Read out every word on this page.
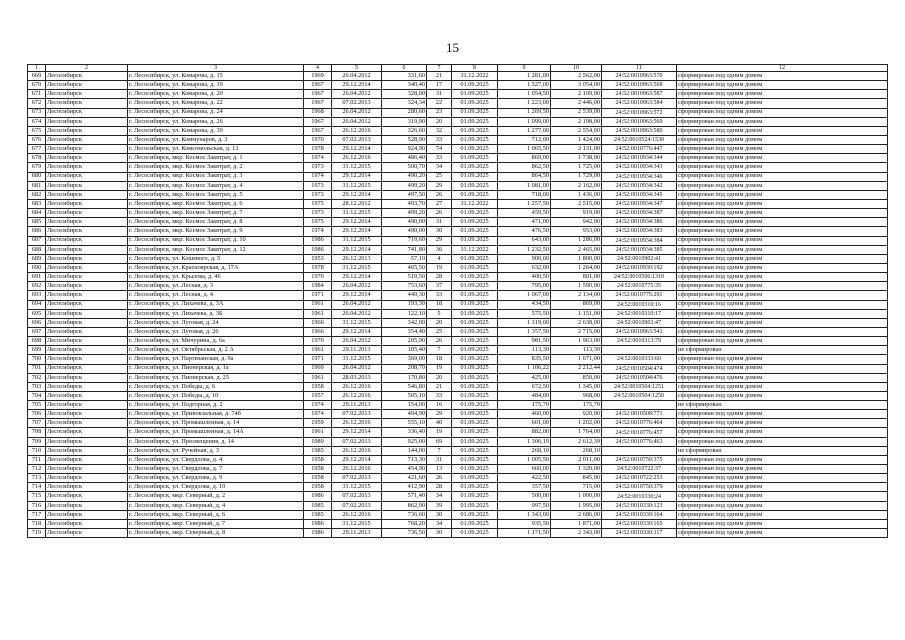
15
1	2	3	4	5	6	7	8	9	10	11	12
669	Лесосибирск	г. Лесосибирск, ул. Комарова, д. 15	1969	26.04.2012	331,60	21	31.12.2022	1 281,00	2 562,00	24:52:0010963:570	сформирован под одним домом
670	Лесосибирск	г. Лесосибирск, ул. Комарова, д. 19	1967	29.12.2014	340,40	17	01.09.2025	1 527,00	3 054,00	24:52:0010963:568	сформирован под одним домом
671	Лесосибирск	г. Лесосибирск, ул. Комарова, д. 20	1967	26.04.2012	328,00	31	01.09.2025	1 054,50	2 109,00	24:52:0010963:587	сформирован под одним домом
672	Лесосибирск	г. Лесосибирск, ул. Комарова, д. 22	1967	07.02.2013	324,34	22	01.09.2025	1 223,00	2 446,00	24:52:0010963:584	сформирован под одним домом
673	Лесосибирск	г. Лесосибирск, ул. Комарова, д. 24	1968	26.04.2012	280,60	23	01.09.2025	1 269,50	2 539,00	24:52:0010963:572	сформирован под одним домом
674	Лесосибирск	г. Лесосибирск, ул. Комарова, д. 26	1967	26.04.2012	319,90	20	01.09.2025	1 099,00	2 198,00	24:52:0010963:569	сформирован под одним домом
675	Лесосибирск	г. Лесосибирск, ул. Комарова, д. 30	1967	26.12.2016	326,60	32	01.09.2025	1 277,00	2 554,00	24:52:0010963:580	сформирован под одним домом
676	Лесосибирск	г. Лесосибирск, ул. Коммунаров, д. 3	1970	07.02.2013	528,90	33	01.09.2025	712,00	1 424,00	24:52:0010524:1530	сформирован под одним домом
677	Лесосибирск	г. Лесосибирск, ул. Комсомольская, д. 13	1978	29.12.2014	924,90	74	01.09.2025	1 065,50	2 131,00	24:52:0010776:447	сформирован под одним домом
678	Лесосибирск	г. Лесосибирск, мкр. Космос Заквтрат, д. 1	1974	26.12.2016	486,40	33	01.09.2025	869,00	1 738,00	24:52:0010934:344	сформирован под одним домом
679	Лесосибирск	г. Лесосибирск, мкр. Космос Заквтрат, д. 2	1973	31.12.2015	500,70	34	01.09.2025	862,50	1 725,00	24:52:0010934:343	сформирован под одним домом
680	Лесосибирск	г. Лесосибирск, мкр. Космос Заквтрат, д. 3	1974	29.12.2014	490,20	25	01.09.2025	864,50	1 729,00	24:52:0010934:346	сформирован под одним домом
681	Лесосибирск	г. Лесосибирск, мкр. Космос Заквтрат, д. 4	1973	31.12.2015	499,20	29	01.09.2025	1 081,00	2 162,00	24:52:0010934:342	сформирован под одним домом
682	Лесосибирск	г. Лесосибирск, мкр. Космос Заквтрат, д. 5	1973	29.12.2014	497,50	26	01.09.2025	718,00	1 436,00	24:52:0010934:345	сформирован под одним домом
683	Лесосибирск	г. Лесосибирск, мкр. Космос Заквтрат, д. 6	1975	28.12.2012	493,70	27	31.12.2022	1 257,50	2 515,00	24:52:0010934:347	сформирован под одним домом
684	Лесосибирск	г. Лесосибирск, мкр. Космос Заквтрат, д. 7	1973	31.12.2015	499,20	26	01.09.2025	459,50	919,00	24:52:0010934:387	сформирован под одним домом
685	Лесосибирск	г. Лесосибирск, мкр. Космос Заквтрат, д. 8	1975	29.12.2014	490,00	31	01.09.2025	471,00	942,00	24:52:0010934:386	сформирован под одним домом
686	Лесосибирск	г. Лесосибирск, мкр. Космос Заквтрат, д. 9	1974	29.12.2014	490,00	30	01.09.2025	476,50	953,00	24:52:0010934:383	сформирован под одним домом
687	Лесосибирск	г. Лесосибирск, мкр. Космос Заквтрат, д. 10	1986	31.12.2015	719,60	29	01.09.2025	643,00	1 286,00	24:52:0010934:384	сформирован под одним домом
688	Лесосибирск	г. Лесосибирск, мкр. Космос Заквтрат, д. 12	1986	29.12.2014	741,80	36	31.12.2022	1 232,50	2 465,00	24:52:0010934:385	сформирован под одним домом
689	Лесосибирск	г. Лесосибирск, ул. Кошевого, д. 5	1953	26.12.2013	57,10	4	01.09.2025	900,00	1 800,00	24:52:0010902:41	сформирован под одним домом
690	Лесосибирск	г. Лесосибирск, ул. Красноярская, д. 17А	1978	31.12.2015	465,50	19	01.09.2025	632,00	1 264,00	24:52:0010930:192	сформирован под одним домом
691	Лесосибирск	г. Лесосибирск, ул. Крылова, д. 46	1970	29.12.2014	519,50	28	01.09.2025	400,50	801,00	24:52:0010506:1310	сформирован под одним домом
692	Лесосибирск	г. Лесосибирск, ул. Лесная, д. 3	1984	26.04.2012	753,60	37	01.09.2025	795,00	1 590,00	24:52:0010775:35	сформирован под одним домом
693	Лесосибирск	г. Лесосибирск, ул. Лесная, д. 4	1971	29.12.2014	449,30	33	01.09.2025	1 067,00	2 134,00	24:52:0010775:291	сформирован под одним домом
694	Лесосибирск	г. Лесосибирск, ул. Лихачева, д. 3А	1961	26.04.2012	193,30	18	01.09.2025	434,50	869,00	24:52:0010310:16	сформирован под одним домом
695	Лесосибирск	г. Лесосибирск, ул. Лихачева, д. 3Б	1961	26.04.2012	122,10	5	01.09.2025	575,50	1 151,00	24:52:0010310:17	сформирован под одним домом
696	Лесосибирск	г. Лесосибирск, ул. Луговая, д. 24	1966	31.12.2015	342,00	20	01.09.2025	1 319,00	2 638,00	24:52:0010963:47	сформирован под одним домом
697	Лесосибирск	г. Лесосибирск, ул. Луговая, д. 26	1966	29.12.2014	354,40	25	01.09.2025	1 357,50	2 715,00	24:52:0010963:541	сформирован под одним домом
698	Лесосибирск	г. Лесосибирск, ул. Мичурина, д. 6а	1970	26.04.2012	205,90	26	01.09.2025	981,50	1 963,00	24:52:0010313:79	сформирован под одним домом
699	Лесосибирск	г. Лесосибирск, ул. Октябрьская, д. 2 А	1961	29.11.2013	105,40	7	01.09.2025	113,30	113,30		не сформирован
700	Лесосибирск	г. Лесосибирск, ул. Партизанская, д. 9а	1971	31.12.2015	369,00	18	01.09.2025	835,50	1 671,00	24:52:0010333:60	сформирован под одним домом
701	Лесосибирск	г. Лесосибирск, ул. Пионерская, д. 1а	1969	26.04.2012	208,70	19	01.09.2025	1 106,22	2 212,44	24:52:0010504:474	сформирован под одним домом
702	Лесосибирск	г. Лесосибирск, ул. Пионерская, д. 25	1961	28.03.2013	170,80	20	01.09.2025	425,00	850,00	24:52:0010504:476	сформирован под одним домом
703	Лесосибирск	г. Лесосибирск, ул. Победы, д. 6	1958	26.12.2016	546,80	21	01.09.2025	672,50	1 345,00	24:52:0010504:1251	сформирован под одним домом
704	Лесосибирск	г. Лесосибирск, ул. Победы, д. 10	1957	26.12.2016	505,10	33	01.09.2025	484,00	968,00	24:52:0010504:1250	сформирован под одним домом
705	Лесосибирск	г. Лесосибирск, ул. Подгорная, д. 2	1974	29.11.2013	154,00	16	01.09.2025	175,70	175,70		не сформирован
706	Лесосибирск	г. Лесосибирск, ул. Привокзальная, д. 74б	1974	07.02.2013	494,90	29	01.09.2025	460,00	920,00	24:52:0010508:771	сформирован под одним домом
707	Лесосибирск	г. Лесосибирск, ул. Промышленная, д. 14	1959	26.12.2016	555,10	40	01.09.2025	601,00	1 202,00	24:52:0010776:464	сформирован под одним домом
708	Лесосибирск	г. Лесосибирск, ул. Промышленная, д. 14А	1961	29.12.2014	336,40	19	01.09.2025	882,00	1 764,00	24:52:0010776:457	сформирован под одним домом
709	Лесосибирск	г. Лесосибирск, ул. Просвещения, д. 14	1989	07.02.2013	925,00	69	01.09.2025	1 306,19	2 612,39	24:52:0010776:463	сформирован под одним домом
710	Лесосибирск	г. Лесосибирск, ул. Ручейная, д. 3	1985	26.12.2016	144,00	7	01.09.2025	268,10	268,10		не сформирован
711	Лесосибирск	г. Лесосибирск, ул. Свердлова, д. 4	1958	29.12.2014	713,30	31	01.09.2025	1 005,50	2 011,00	24:52:0010750:375	сформирован под одним домом
712	Лесосибирск	г. Лесосибирск, ул. Свердлова, д. 7	1958	26.12.2016	454,90	13	01.09.2025	660,00	1 320,00	24:52:0010722:37	сформирован под одним домом
713	Лесосибирск	г. Лесосибирск, ул. Свердлова, д. 9	1958	07.02.2013	421,60	26	01.09.2025	422,50	845,00	24:52:0010722:253	сформирован под одним домом
714	Лесосибирск	г. Лесосибирск, ул. Свердлова, д. 10	1958	31.12.2015	412,90	28	01.09.2025	357,50	715,00	24:52:0010750:379	сформирован под одним домом
715	Лесосибирск	г. Лесосибирск, мкр. Северный, д. 2	1986	07.02.2013	571,40	34	01.09.2025	500,00	1 000,00	24:52:0010330:24	сформирован под одним домом
716	Лесосибирск	г. Лесосибирск, мкр. Северный, д. 4	1985	07.02.2013	862,90	39	01.09.2025	997,50	1 995,00	24:52:0010330:123	сформирован под одним домом
717	Лесосибирск	г. Лесосибирск, мкр. Северный, д. 6	1985	26.12.2016	736,60	30	01.09.2025	1 343,00	2 686,00	24:52:0010330:164	сформирован под одним домом
718	Лесосибирск	г. Лесосибирск, мкр. Северный, д. 7	1986	31.12.2015	768,20	34	01.09.2025	935,50	1 871,00	24:52:0010330:165	сформирован под одним домом
719	Лесосибирск	г. Лесосибирск, мкр. Северный, д. 8	1986	29.11.2013	736,50	30	01.09.2025	1 171,50	2 343,00	24:52:0010330:117	сформирован под одним домом
